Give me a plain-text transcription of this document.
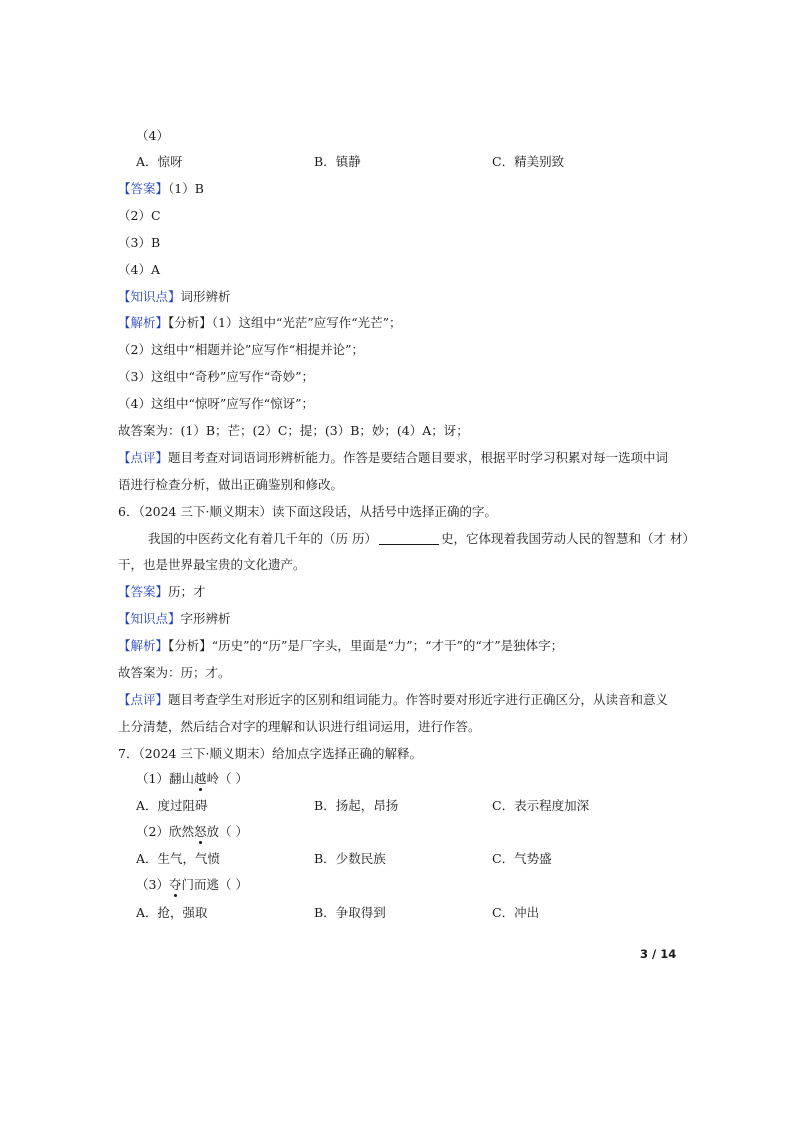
（4）
A．惊呀	B．镇静	C．精美别致
【答案】（1）B
（2）C
（3）B
（4）A
【知识点】词形辨析
【解析】【分析】（1）这组中“光茫”应写作“光芒”；
（2）这组中“相题并论”应写作“相提并论”；
（3）这组中“奇秒”应写作“奇妙”；
（4）这组中“惊呀”应写作“惊讶”；
故答案为：(1）B；芒；(2）C；提；(3）B；妙；(4）A；讶；
【点评】题目考查对词语词形辨析能力。作答是要结合题目要求，根据平时学习积累对每一选项中词
语进行检查分析，做出正确鉴别和修改。
6．（2024 三下·顺义期末）读下面这段话，从括号中选择正确的字。
我国的中医药文化有着几千年的（历 历）	史，它体现着我国劳动人民的智慧和（才 材）
干，也是世界最宝贵的文化遗产。
【答案】历；才
【知识点】字形辨析
【解析】【分析】“历史”的“历”是厂字头，里面是“力”；“才干”的“才”是独体字；
故答案为：历；才。
【点评】题目考查学生对形近字的区别和组词能力。作答时要对形近字进行正确区分，从读音和意义
上分清楚，然后结合对字的理解和认识进行组词运用，进行作答。
7．（2024 三下·顺义期末）给加点字选择正确的解释。
（1）翻山越岭（ ）
A．度过阻碍	B．扬起，昂扬	C．表示程度加深
（2）欣然怒放（ ）
A．生气，气愤	B．少数民族	C．气势盛
（3）夺门而逃（ ）
A．抢，强取	B．争取得到	C．冲出
3 / 14
